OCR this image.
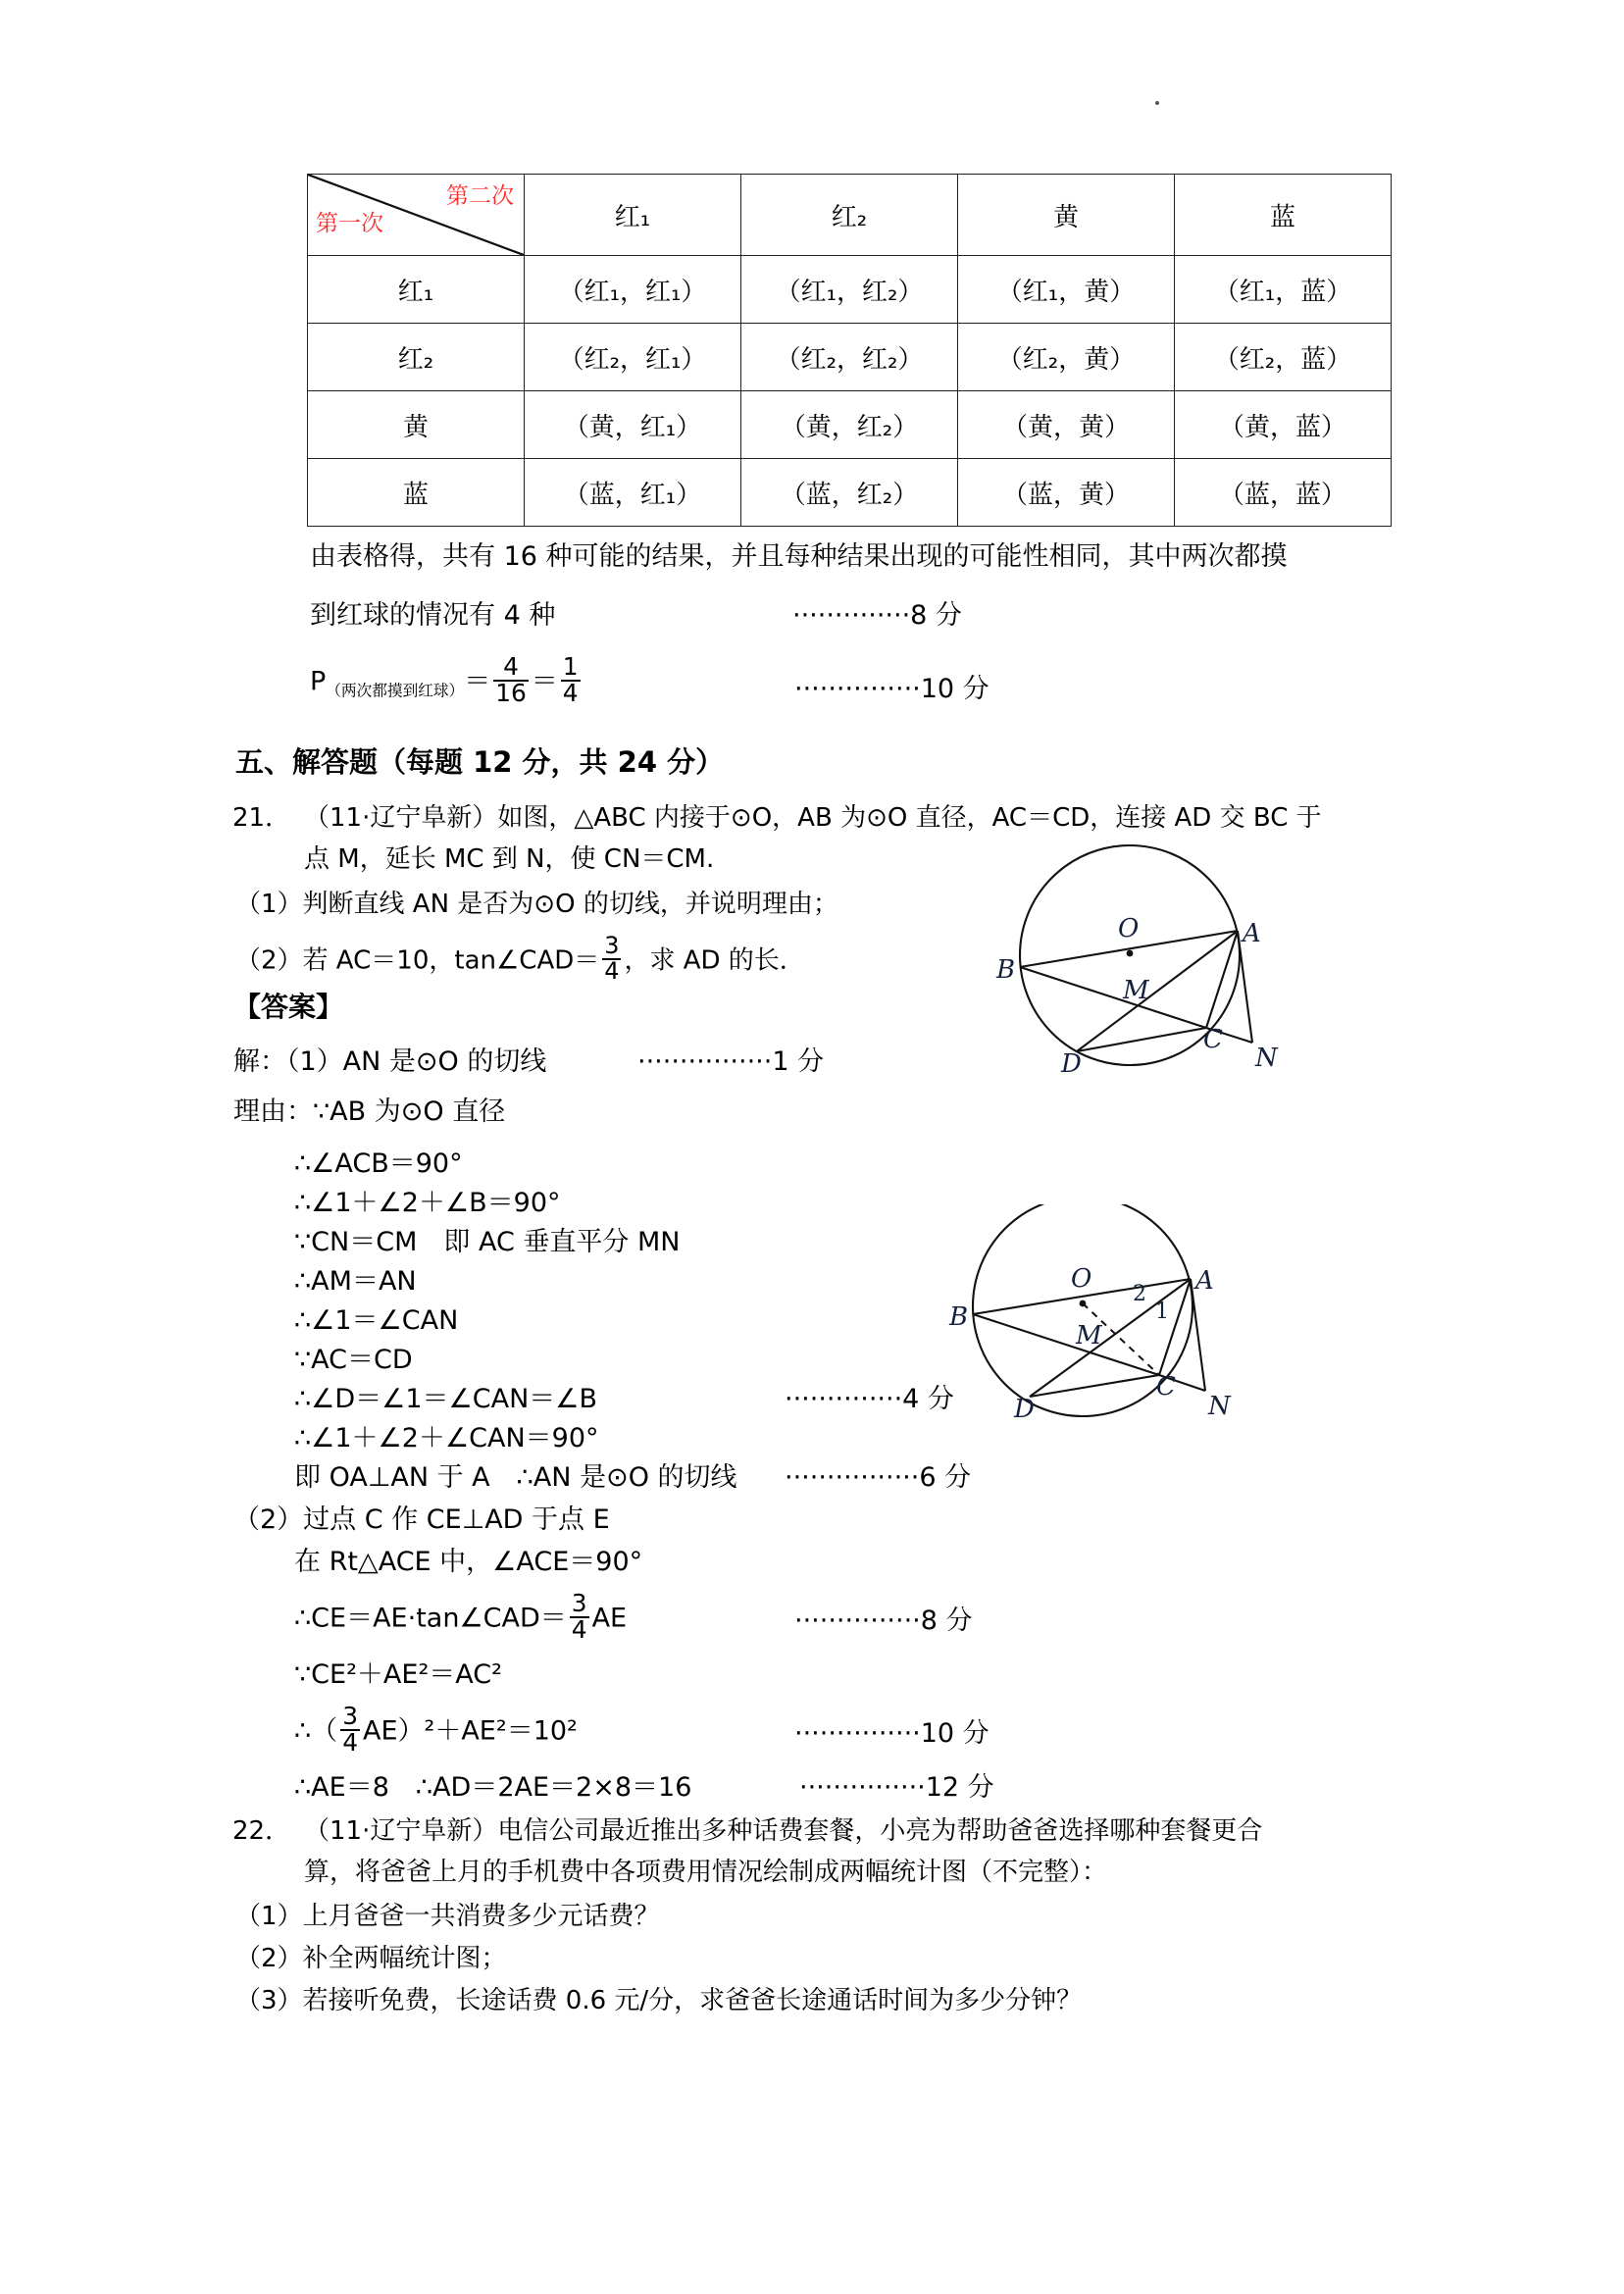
第二次
第一次	红₁	红₂	黄	蓝
红₁	（红₁，红₁）	（红₁，红₂）	（红₁，黄）	（红₁，蓝）
红₂	（红₂，红₁）	（红₂，红₂）	（红₂，黄）	（红₂，蓝）
黄	（黄，红₁）	（黄，红₂）	（黄，黄）	（黄，蓝）
蓝	（蓝，红₁）	（蓝，红₂）	（蓝，黄）	（蓝，蓝）
由表格得，共有 16 种可能的结果，并且每种结果出现的可能性相同，其中两次都摸
到红球的情况有 4 种	··············8 分
$P_{(两次都摸到红球)}= \frac{4}{16} = \frac{1}{4}$	···············10 分
五、解答题（每题 12 分，共 24 分）
21． （11·辽宁阜新）如图，△ABC 内接于⊙O，AB 为⊙O 直径，AC＝CD，连接 AD 交 BC 于
点 M，延长 MC 到 N，使 CN＝CM.
（1）判断直线 AN 是否为⊙O 的切线，并说明理由；
（2）若 AC＝10，tan∠CAD＝ $\frac{3}{4}$ ，求 AD 的长．
【答案】
解：（1）AN 是⊙O 的切线	················1 分
理由：∵AB 为⊙O 直径
∴∠ACB＝90°
∴∠1＋∠2＋∠B＝90°
∵CN＝CM　即 AC 垂直平分 MN
∴AM＝AN
∴∠1＝∠CAN
∵AC＝CD
∴∠D＝∠1＝∠CAN＝∠B	··············4 分
∴∠1＋∠2＋∠CAN＝90°
即 OA⊥AN 于 A　∴AN 是⊙O 的切线 ················6 分
（2）过点 C 作 CE⊥AD 于点 E
在 Rt△ACE 中，∠ACE＝90°
∴CE＝AE·tan∠CAD＝ $\frac{3}{4}$ AE	···············8 分
∵CE²＋AE²＝AC²
∴（ $\frac{3}{4} AE)^2+AE^2=10^2$	···············10 分
∴AE＝8　∴AD＝2AE＝2×8＝16	···············12 分
22． （11·辽宁阜新）电信公司最近推出多种话费套餐，小亮为帮助爸爸选择哪种套餐更合
算，将爸爸上月的手机费中各项费用情况绘制成两幅统计图（不完整）：
（1）上月爸爸一共消费多少元话费？
（2）补全两幅统计图；
（3）若接听免费，长途话费 0.6 元/分，求爸爸长途通话时间为多少分钟？
O	A
B
M
D
C
N
O	A
B
M
D
C
N
2
1
